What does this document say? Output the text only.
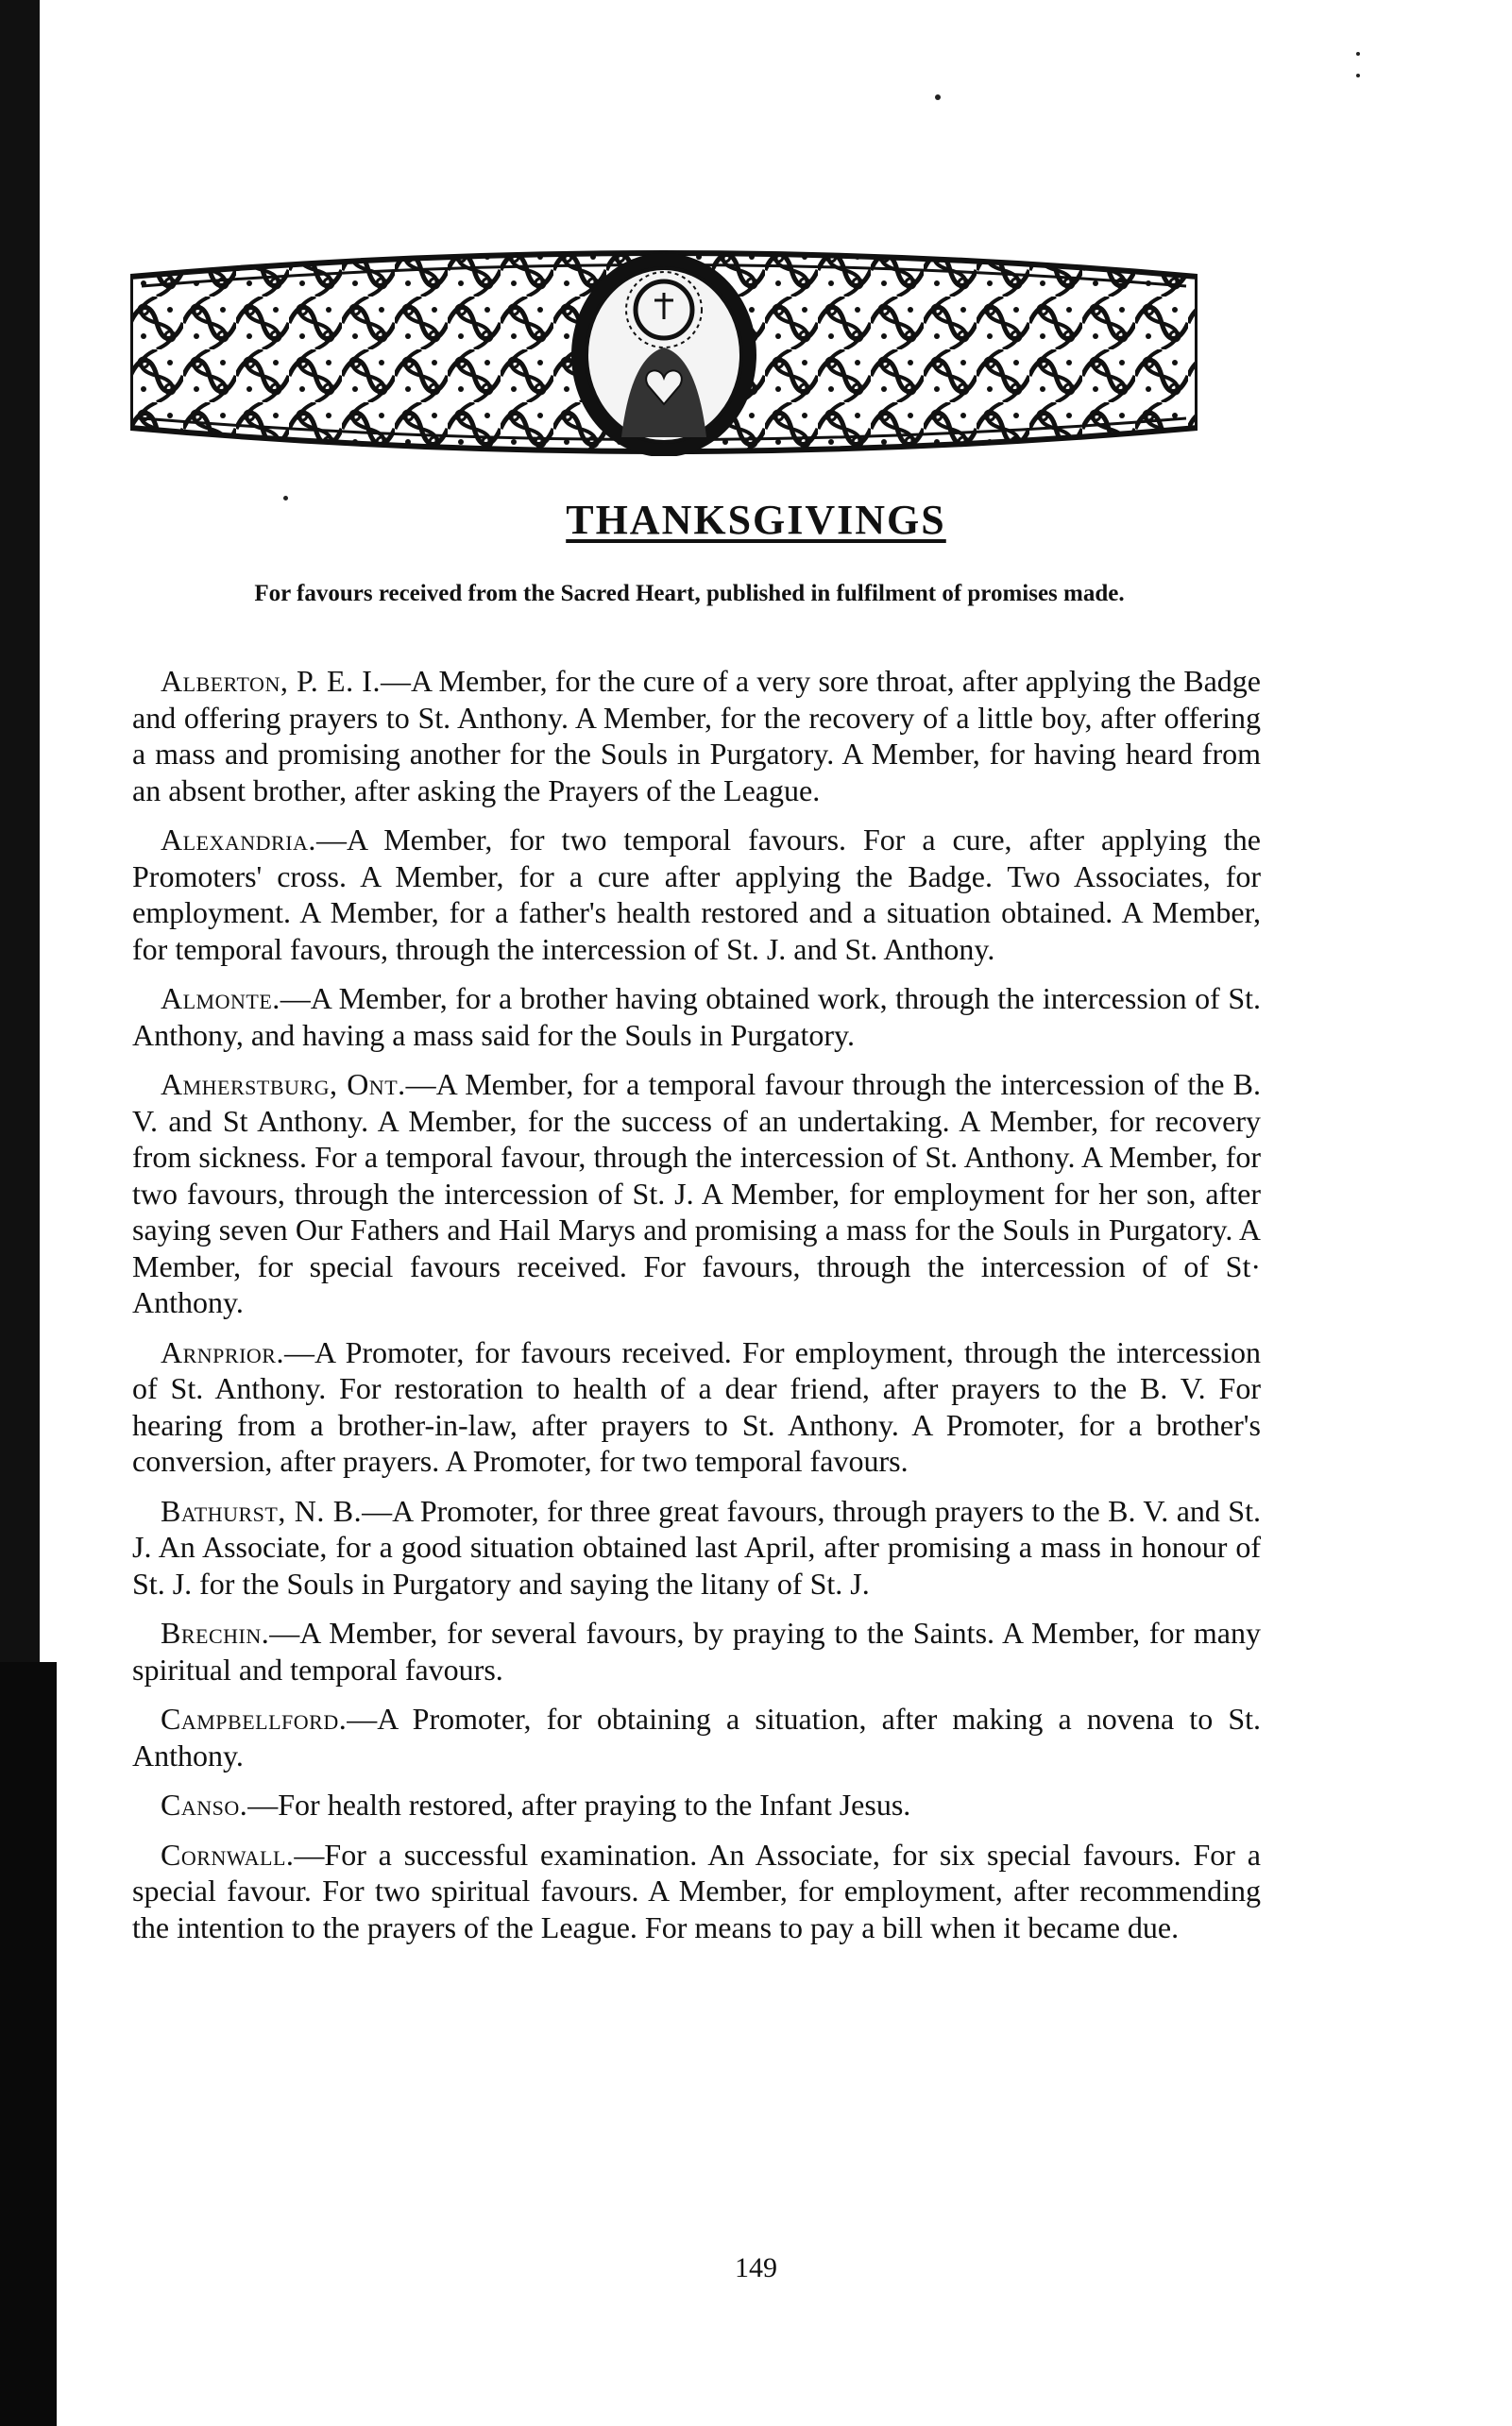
THANKSGIVINGS
For favours received from the Sacred Heart, published in fulfilment of promises made.

Alberton, P. E. I.—A Member, for the cure of a very sore throat, after applying the Badge and offering prayers to St. Anthony. A Member, for the recovery of a little boy, after offering a mass and promising another for the Souls in Purgatory. A Member, for having heard from an absent brother, after asking the Prayers of the League.

Alexandria.—A Member, for two temporal favours. For a cure, after applying the Promoters' cross. A Member, for a cure after applying the Badge. Two Associates, for employment. A Member, for a father's health restored and a situation obtained. A Member, for temporal favours, through the intercession of St. J. and St. Anthony.

Almonte.—A Member, for a brother having obtained work, through the intercession of St. Anthony, and having a mass said for the Souls in Purgatory.

Amherstburg, Ont.—A Member, for a temporal favour through the intercession of the B. V. and St Anthony. A Member, for the success of an undertaking. A Member, for recovery from sickness. For a temporal favour, through the intercession of St. Anthony. A Member, for two favours, through the intercession of St. J. A Member, for employment for her son, after saying seven Our Fathers and Hail Marys and promising a mass for the Souls in Purgatory. A Member, for special favours received. For favours, through the intercession of of St· Anthony.

Arnprior.—A Promoter, for favours received. For employment, through the intercession of St. Anthony. For restoration to health of a dear friend, after prayers to the B. V. For hearing from a brother-in-law, after prayers to St. Anthony. A Promoter, for a brother's conversion, after prayers. A Promoter, for two temporal favours.

Bathurst, N. B.—A Promoter, for three great favours, through prayers to the B. V. and St. J. An Associate, for a good situation obtained last April, after promising a mass in honour of St. J. for the Souls in Purgatory and saying the litany of St. J.

Brechin.—A Member, for several favours, by praying to the Saints. A Member, for many spiritual and temporal favours.

Campbellford.—A Promoter, for obtaining a situation, after making a novena to St. Anthony.

Canso.—For health restored, after praying to the Infant Jesus.

Cornwall.—For a successful examination. An Associate, for six special favours. For a special favour. For two spiritual favours. A Member, for employment, after recommending the intention to the prayers of the League. For means to pay a bill when it became due.

149
